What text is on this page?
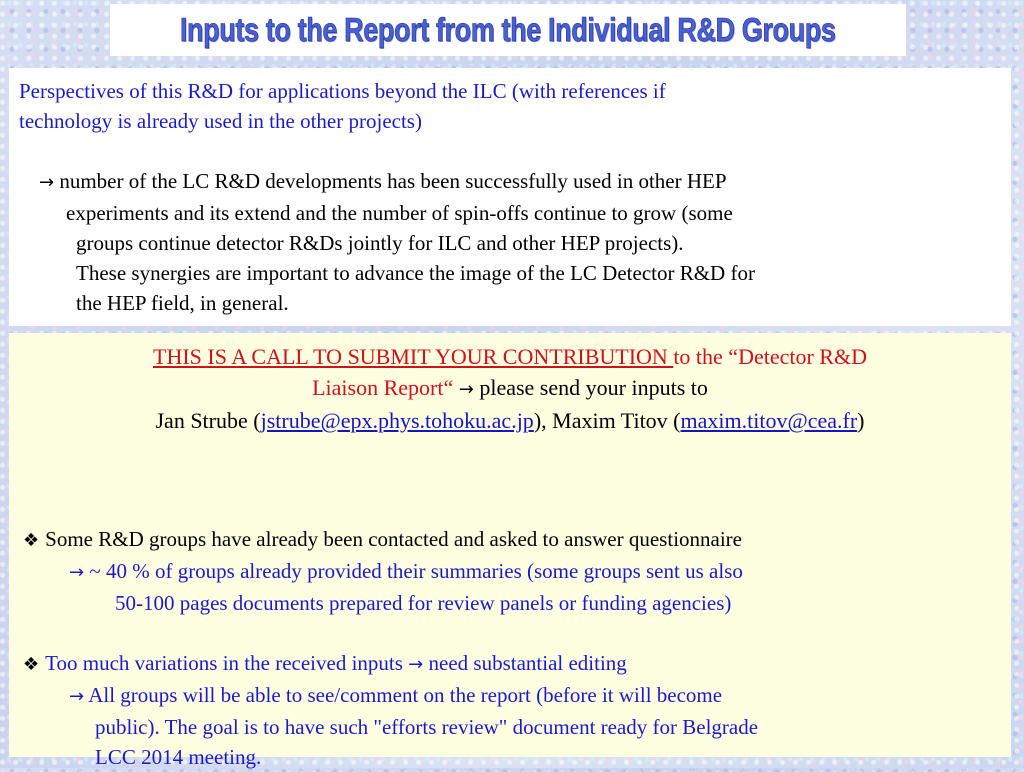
Inputs to the Report from the Individual R&D Groups
Perspectives of this R&D for applications beyond the ILC (with references if
technology is already used in the other projects)
→ number of the LC R&D developments has been successfully used in other HEP
experiments and its extend and the number of spin-offs continue to grow (some
groups continue detector R&Ds jointly for ILC and other HEP projects).
These synergies are important to advance the image of the LC Detector R&D for
the HEP field, in general.
THIS IS A CALL TO SUBMIT YOUR CONTRIBUTION to the “Detector R&D
Liaison Report“ → please send your inputs to
Jan Strube (jstrube@epx.phys.tohoku.ac.jp), Maxim Titov (maxim.titov@cea.fr)
❖ Some R&D groups have already been contacted and asked to answer questionnaire
→ ~ 40 % of groups already provided their summaries (some groups sent us also
50-100 pages documents prepared for review panels or funding agencies)
❖ Too much variations in the received inputs → need substantial editing
→ All groups will be able to see/comment on the report (before it will become
public). The goal is to have such "efforts review" document ready for Belgrade
LCC 2014 meeting.
